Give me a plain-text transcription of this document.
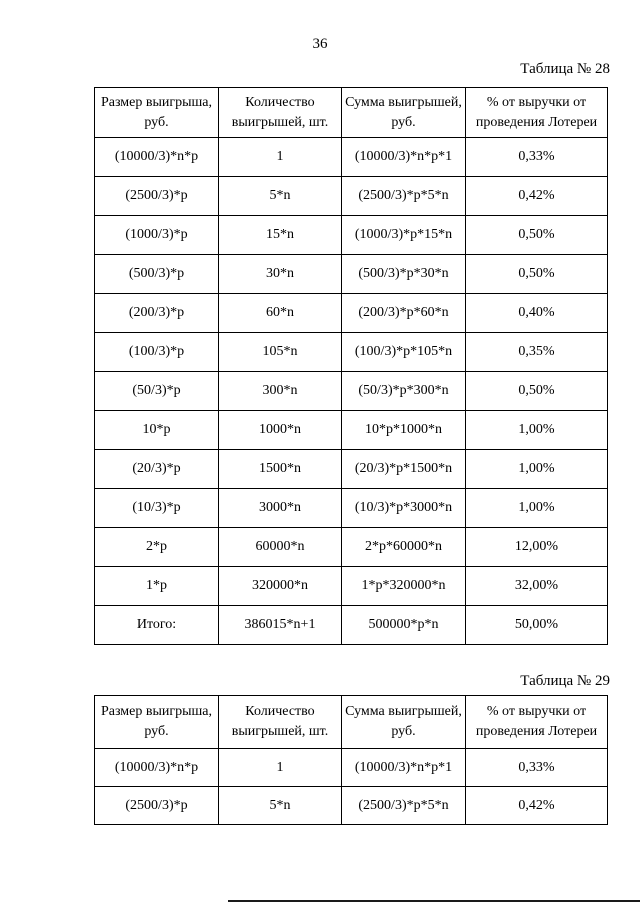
36
Таблица № 28
Размер выигрыша, руб.	Количество выигрышей, шт.	Сумма выигрышей, руб.	% от выручки от проведения Лотереи
(10000/3)*n*p	1	(10000/3)*n*p*1	0,33%
(2500/3)*p	5*n	(2500/3)*p*5*n	0,42%
(1000/3)*p	15*n	(1000/3)*p*15*n	0,50%
(500/3)*p	30*n	(500/3)*p*30*n	0,50%
(200/3)*p	60*n	(200/3)*p*60*n	0,40%
(100/3)*p	105*n	(100/3)*p*105*n	0,35%
(50/3)*p	300*n	(50/3)*p*300*n	0,50%
10*p	1000*n	10*p*1000*n	1,00%
(20/3)*p	1500*n	(20/3)*p*1500*n	1,00%
(10/3)*p	3000*n	(10/3)*p*3000*n	1,00%
2*p	60000*n	2*p*60000*n	12,00%
1*p	320000*n	1*p*320000*n	32,00%
Итого:	386015*n+1	500000*p*n	50,00%
Таблица № 29
Размер выигрыша, руб.	Количество выигрышей, шт.	Сумма выигрышей, руб.	% от выручки от проведения Лотереи
(10000/3)*n*p	1	(10000/3)*n*p*1	0,33%
(2500/3)*p	5*n	(2500/3)*p*5*n	0,42%
